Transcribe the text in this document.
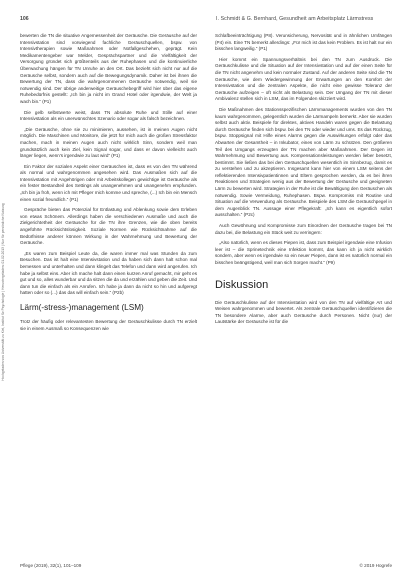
Hochgeladen von Universität zu Kiel, Institut für Psychologie | Heruntergeladen: 01.02.2013 | Nur für persönliche Nutzung
106	I. Schmidt & G. Bernhard, Gesundheit am Arbeitsplatz Lärmstress

bewerten die TN die situative Angemessenheit der Geräusche. Die Geräusche auf der Intensivstation sind vorwiegend fachliche Geräuschquellen, bspw. von Intensivtherapien sowie Maßnahmen oder Notfallgeschehen, geprägt. Kein Medikamentengeber war Melder, Gesprächspartner und die Vielfältigkeit der Versorgung gründet sich größtenteils aus der Ruhephasen und die kontinuierliche Überwachung hängen für TN Unruhe an den Ort. Das bezieht sich nicht nur auf die Geräusche selbst, sondern auch auf die Bewegungsdynamik. Daher ist bei ihnen die Bewertung der TN, dass die wahrgenommenen Geräusche notwendig, weil sie notwendig sind. Der übrige anderweitige Geräuschebegriff wird hier über das eigene Ruhebedürfnis gestellt: „Ich bin ja nicht im Grand Hotel oder irgendwie, der Welt ja wach bin.“ (P1)

Die gelb selbstwerte weist, dass TN absolute Ruhe und Stille auf einer Intensivstation als ein unerwünschtes Szenario oder sogar als falsch bezeichnen.

„Die Geräusche, ohne sie zu minimieren, aussehen, ist in meinen Augen nicht möglich. Die Maschinen und Monitore, die jetzt für mich auch die großen Stressfaktor machen, mach in meinen Augen auch nicht wirklich Sinn, sondern weil man grundsätzlich auch kein Ziel, kein Signal sogar, und dass er davon vielleicht auch länger liegen, wenn's irgendwie zu laut wird“ (P1)

Ein Faktor der sozialen Aspekt einer Geräuschen ist, dass es von den TN während als normal und wahrgenommen angesehen wird. Das Ausmaßen sich auf die Intensivstation mit Angehörigen oder mit Arbeitskollegen gewichtige ist Geräusche als ein fester Bestandteil des Settings als unangenehmen und unangenehm empfunden. „Ich bin ja froh, wenn ich mit Pfleger mich komme und spreche, (...) Ich bin ein Mensch einen sozial freundlich.“ (P1)

Gespräche bieten das Potenzial für Entlastung und Ablenkung sowie dem Erleben von etwas Schönem. Allerdings haben die verschiedenen Ausmaße und auch die Zielgerichtetheit der Geräusche für die TN ihre Grenzen, wie die oben bereits angeführte Rücksichtslosigkeit. Soziale Normen wie Rücksichtnahme auf die Bedürfnisse anderer können Wirkung in der Wahrnehmung und Bewertung der Geräusche.

„Es waren zum Beispiel Leute da, die waren immer mal was Stunden da zum Besuchen. Das ist halt eine Intensivstation und da haben sich dann halt schon mal bemessen und unterhalten und dann klingelt das Telefon und dann wird angerufen. Ich habe ja selbst eins. Aber ich mache halt dann einen kurzen Anruf gemacht, mir geht es gut und so, alles wunderbar und da sitzen die da und erzählen und geben die Zeit. Und dann tun die einfach als ein Anrufen. Ich habe ja dann da nicht so hin und aufgeregt hatten oder so (...) das das will einfach sein.“ (P2b)

Lärm(-stress-)management (LSM)

Trotz der häufig oder relevantesten Bewertung der Geräuschkulisse durch TN erzielt sie in einem Ausmaß so Konsequenzen wie

Schlafbeeinträchtigung (P8). Verunsicherung, Nervosität und in ähnlichen Umfängen (P4) ein. Eine TN bemerkt allerdings: „Für mich ist das kein Problem. Es ist halt nur ein bisschen langweilig.“ (P1)

Hier kommt ein Spannungsverhältnis bei den TN zum Ausdruck. Die Geräuschkulisse und die Situation auf der Intensivstation und auf der einen Seite für die TN nicht angenehm und kein normaler Zustand. Auf der anderen Seite sind die TN Geräusche, wie dem Wiedergewinnung der Erwartungen an den Komfort der Intensivstation und die zentralen Aspekte, die nicht eine gewisse Toleranz der Geräusche aufzeigen – oft nicht als Belastung sein. Der Umgang der TN mit dieser Ambivalenz stellen sich in LSM, das im Folgenden skizziert wird.

Die Maßnahmen des Stationsspezifischen Lärmmanagements wurden von den TN kaum wahrgenommen, gelegentlich wurden die Lärmampeln bemerkt. Aber sie wurden selbst auch aktiv. Beispiele für direktes, aktives Handeln waren gegen die Belastung durch Geräusche finden sich bspw. bei den TN oder wieder und ums. Es das Rückzug, bspw. Stoppsignal mit Hilfe eines Alarms gegen die Auswirkungen erfolgt oder das Abwarten der Gesamtheit – in Inkubator, eines von Lärm zu schützen. Den größeren Teil des Umgangs erzeugten der TN machen aber Maßnahmen. Der Gegen ist Wahrnehmung und Bewertung aus. Kompensationsleistungen werden lieber besetzt, bestimmt. Sie ließen das bei den Geräuschquellen wesentlich im Sinnbezug, damit es zu verstehen und zu akzeptieren. Insgesamt kann hier von einem LSM seitens der reflektierenden Intensivpatientinnen und Eltern gesprochen werden, da es bei ihren Reaktionen und Strategien wenig aus der Bewertung der Geräusche und geeigneten Lärm zu bewerten wird. Strategien in der Ruhe ist die Bewältigung den Geräuschen als notwendig. Sowie Vermeidung, Ruhephasen. Bspw. Kompromiss mit Routine und Situation auf die Verwendung als Geräusche. Beispiele des LSM die Geräuschpegel in dem Augenblick TN. Aussage einer Pflegekraft: „Ich kann es eigentlich sofort ausschalten.“ (P2c)

Auch Gewöhnung und Kompromisse zum Einordnen der Geräusche tragen bei TN dazu bei, die Belastung ein Stück weit zu verringern:

„Also natürlich, wenn es dieses Piepen ist, dass zum Beispiel irgendwie eine Infusion leer ist – die Sprinetechnik eine Infektion kommt, das kann ich ja nicht wirklich sondern, aber wenn es irgendwie so ein neuer Piepen, dann ist es natürlich normal ein bisschen beängstigend, weil man sich Sorgen macht.“ (P9)

Diskussion

Die Geräuschkulisse auf der Intensivstation wird von den TN auf vielfältige Art und Weisen wahrgenommen und bewertet. Als zentrale Geräuschquellen identifizieren die TN besondere Alarme, aber auch Geräusche durch Personen. Nicht (nur) der Lautstärke der Geräusche ist für die

Pflege (2019), 32(1), 101–109	© 2019 Hogrefe
